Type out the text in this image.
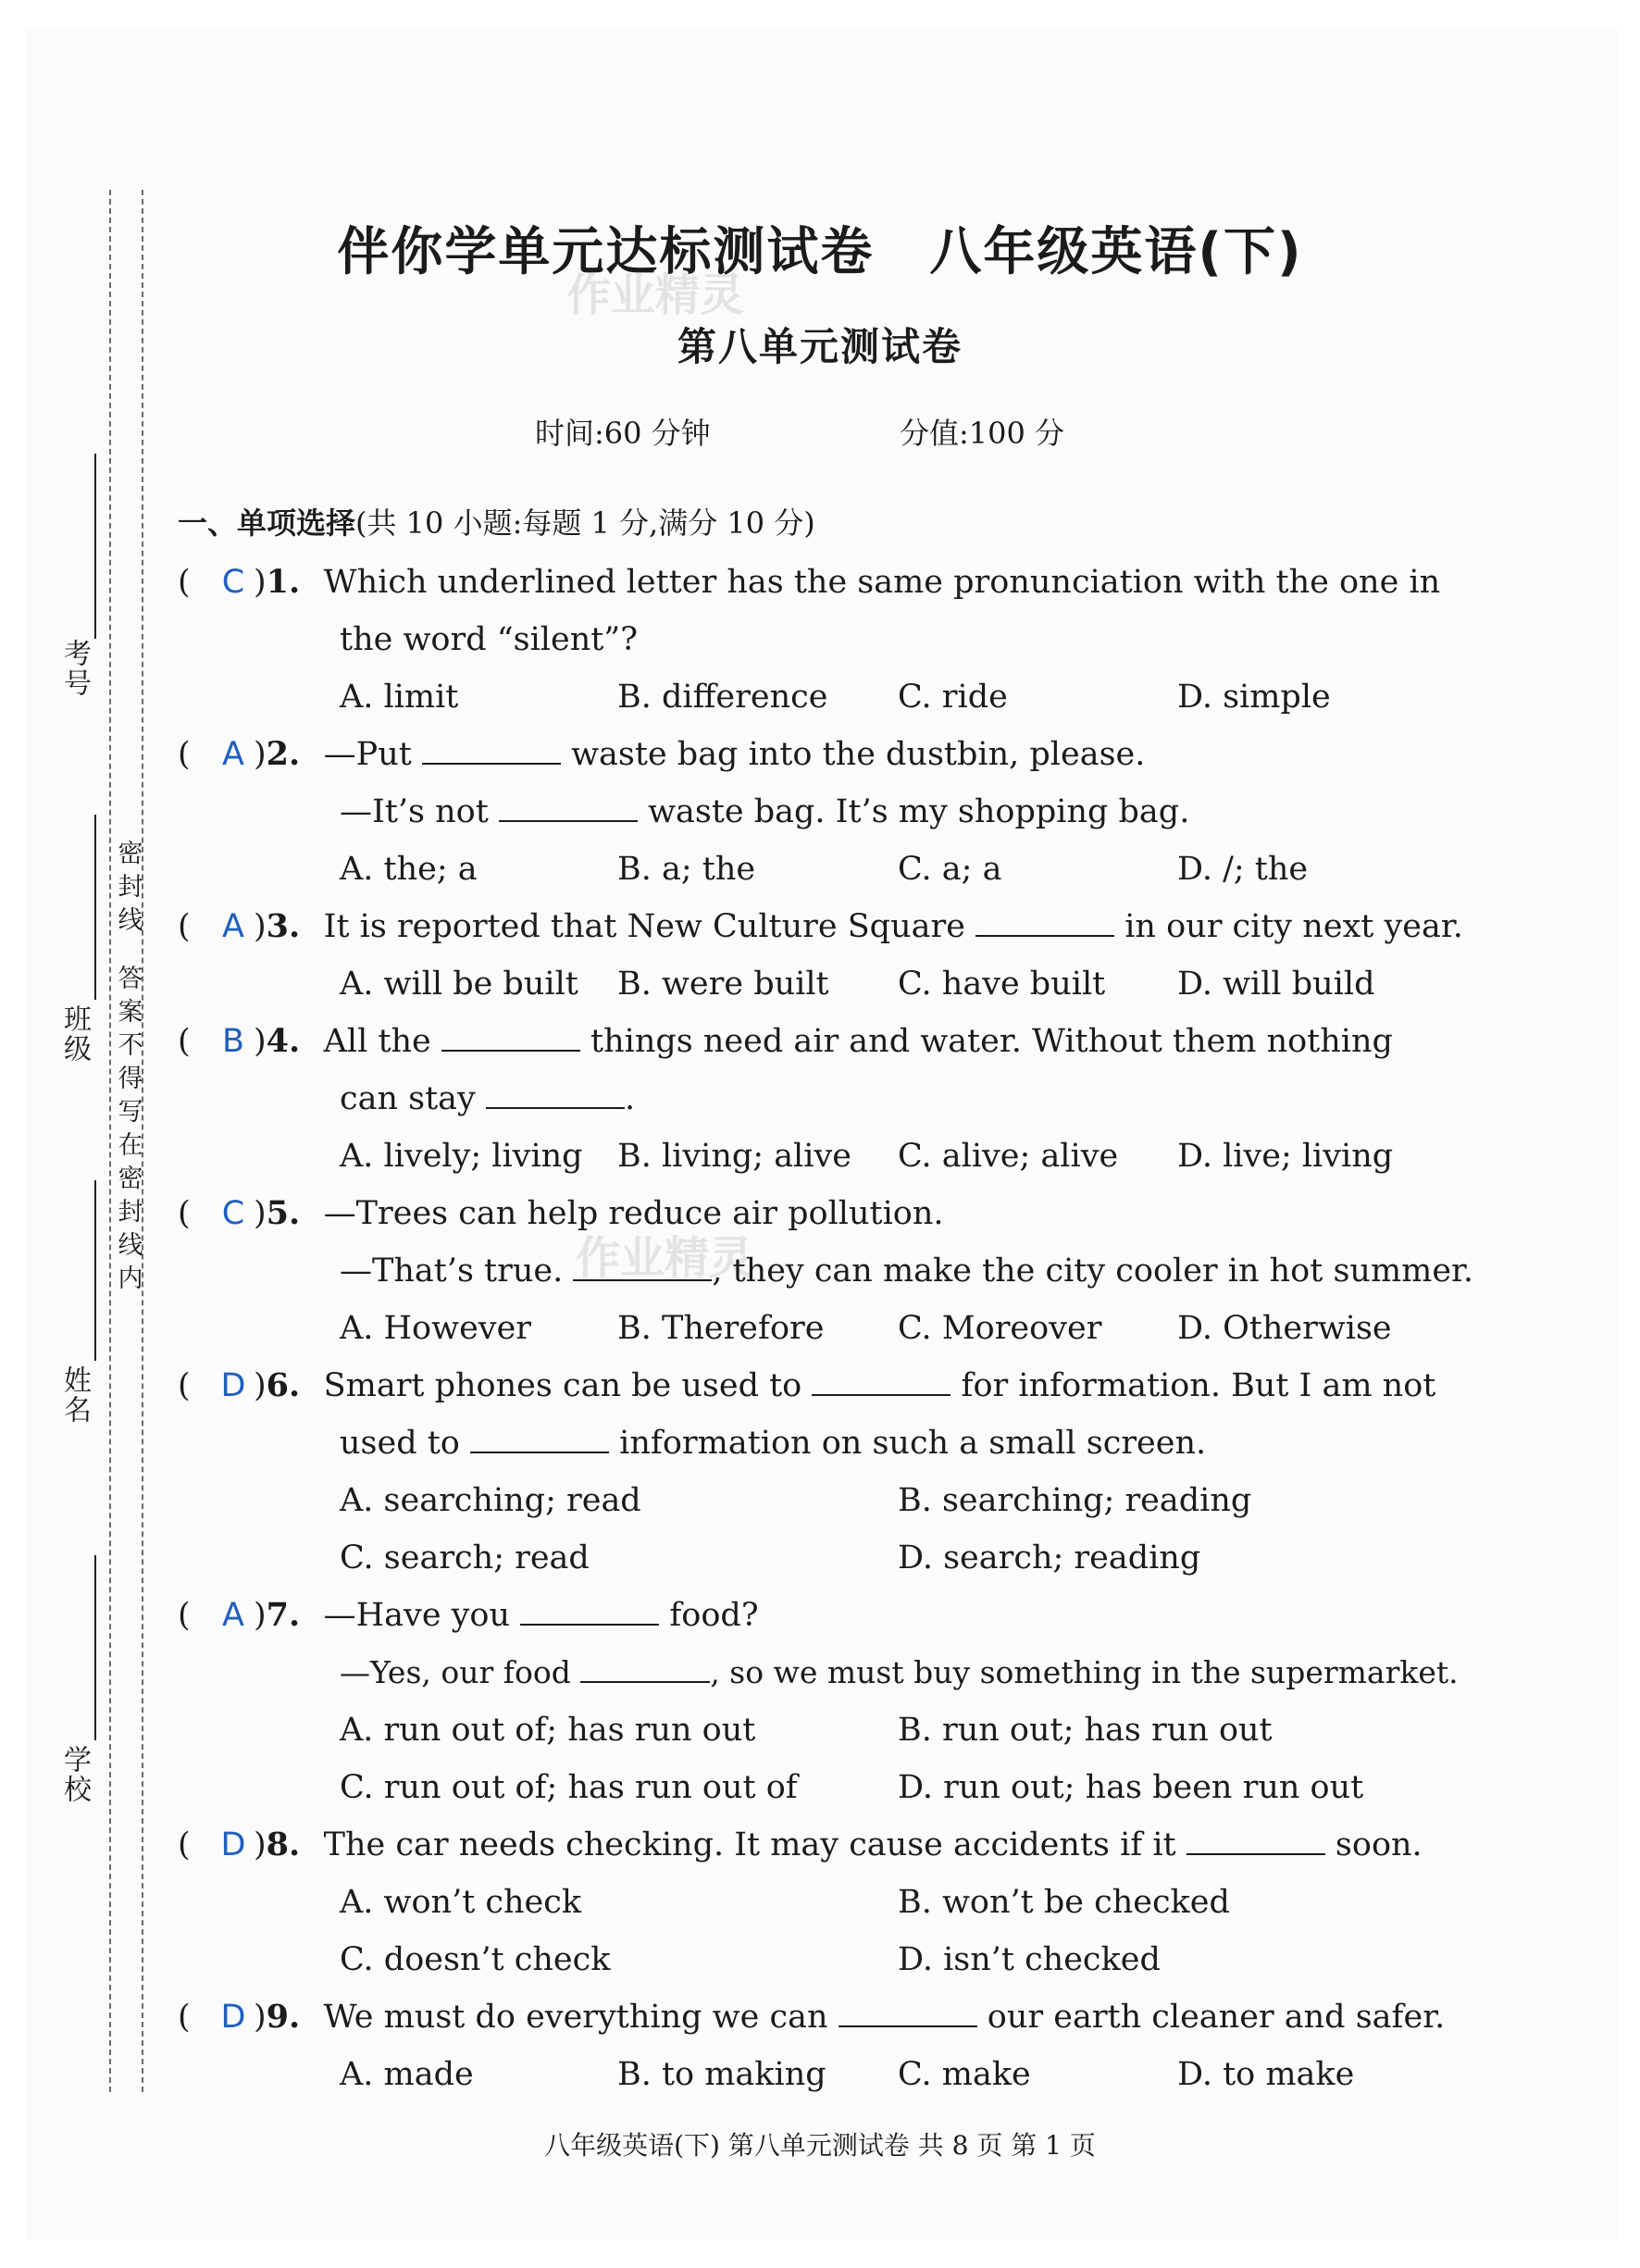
考号
班级
姓名
学校
密封线
答案不得写在密封线内
伴你学单元达标测试卷 八年级英语(下)
第八单元测试卷
时间:60 分钟	分值:100 分
作业精灵
作业精灵
一、单项选择(共 10 小题:每题 1 分,满分 10 分)
( C )1. Which underlined letter has the same pronunciation with the one in
the word “silent”?
A. limit	B. difference C. ride	D. simple
( A )2. —Put	waste bag into the dustbin, please.
—It’s not	waste bag. It’s my shopping bag.
A. the; a	B. a; the	C. a; a	D. /; the
( A )3. It is reported that New Culture Square	in our city next year.
A. will be built B. were built C. have built D. will build
( B )4. All the	things need air and water. Without them nothing
can stay	.
A. lively; living B. living; alive C. alive; alive D. live; living
( C )5. —Trees can help reduce air pollution.
—That’s true.	, they can make the city cooler in hot summer.
A. However	B. Therefore C. Moreover D. Otherwise
( D )6. Smart phones can be used to	for information. But I am not
used to	information on such a small screen.
A. searching; read	B. searching; reading
C. search; read	D. search; reading
( A )7. —Have you	food?
—Yes, our food	, so we must buy something in the supermarket.
A. run out of; has run out	B. run out; has run out
C. run out of; has run out of	D. run out; has been run out
( D )8. The car needs checking. It may cause accidents if it	soon.
A. won’t check	B. won’t be checked
C. doesn’t check	D. isn’t checked
( D )9. We must do everything we can	our earth cleaner and safer.
A. made	B. to making C. make	D. to make
八年级英语(下) 第八单元测试卷 共 8 页 第 1 页
